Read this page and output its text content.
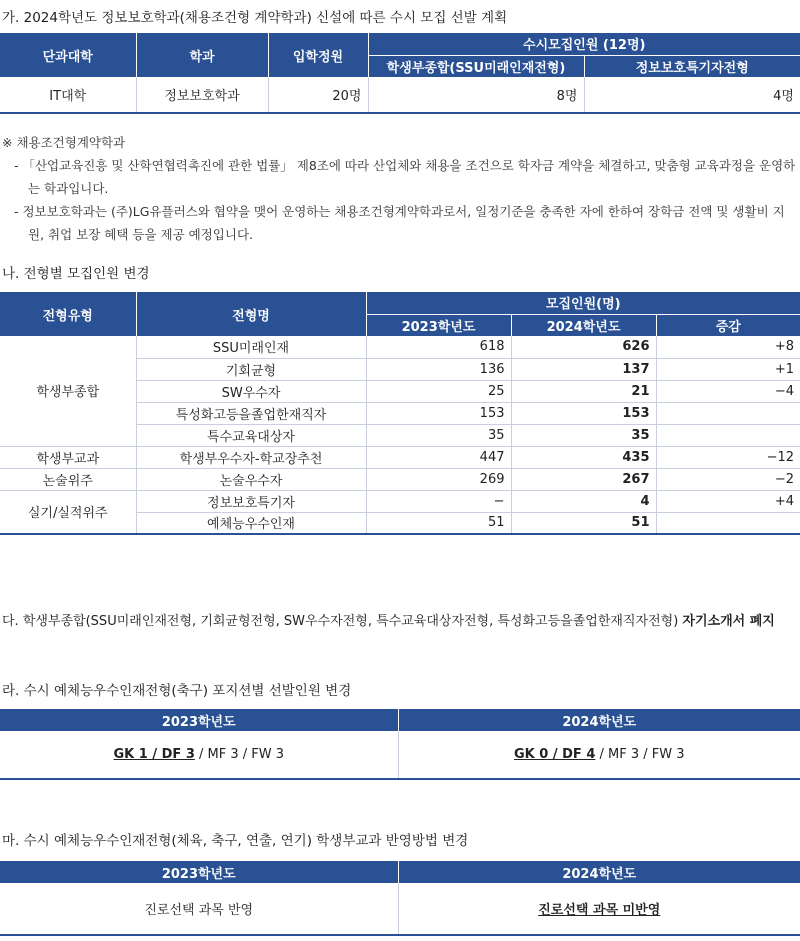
가. 2024학년도 정보보호학과(채용조건형 계약학과) 신설에 따른 수시 모집 선발 계획
단과대학	학과	입학정원	수시모집인원 (12명)	
			학생부종합(SSU미래인재전형)	정보보호특기자전형
IT대학	정보보호학과	20명	8명	4명
※ 채용조건형계약학과
- 「산업교육진흥 및 산학연협력촉진에 관한 법률」 제8조에 따라 산업체와 채용을 조건으로 학자금 계약을 체결하고, 맞춤형 교육과정을 운영하는 학과입니다.
- 정보보호학과는 (주)LG유플러스와 협약을 맺어 운영하는 채용조건형계약학과로서, 일정기준을 충족한 자에 한하여 장학금 전액 및 생활비 지원, 취업 보장 혜택 등을 제공 예정입니다.
나. 전형별 모집인원 변경
전형유형	전형명	모집인원(명)		
		2023학년도	2024학년도	증감
학생부종합	SSU미래인재	618	626	+8
	기회균형	136	137	+1
	SW우수자	25	21	−4
	특성화고등을졸업한재직자	153	153	
	특수교육대상자	35	35	
학생부교과	학생부우수자-학교장추천	447	435	−12
논술위주	논술우수자	269	267	−2
실기/실적위주	정보보호특기자	−	4	+4
	예체능우수인재	51	51	
다. 학생부종합(SSU미래인재전형, 기회균형전형, SW우수자전형, 특수교육대상자전형, 특성화고등을졸업한재직자전형) 자기소개서 폐지
라. 수시 예체능우수인재전형(축구) 포지션별 선발인원 변경
2023학년도	2024학년도
GK 1 / DF 3 / MF 3 / FW 3	GK 0 / DF 4 / MF 3 / FW 3
마. 수시 예체능우수인재전형(체육, 축구, 연출, 연기) 학생부교과 반영방법 변경
2023학년도	2024학년도
진로선택 과목 반영	진로선택 과목 미반영
